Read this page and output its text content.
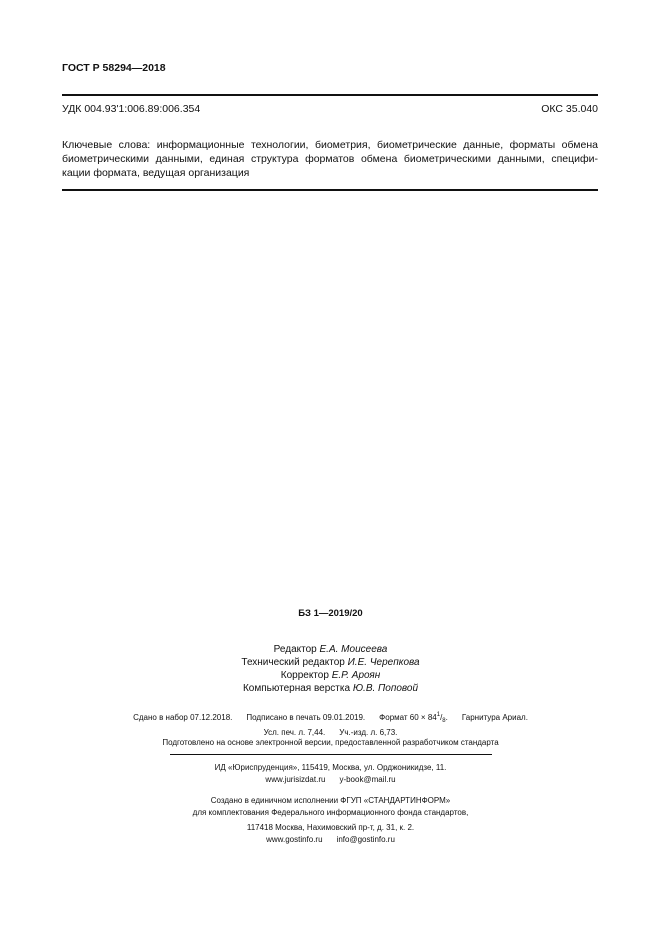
ГОСТ Р 58294—2018
УДК 004.93'1:006.89:006.354	ОКС 35.040
Ключевые слова: информационные технологии, биометрия, биометрические данные, форматы обмена
биометрическими данными, единая структура форматов обмена биометрическими данными, специфи-
кации формата, ведущая организация
БЗ 1—2019/20
Редактор Е.А. Моисеева
Технический редактор И.Е. Черепкова
Корректор Е.Р. Ароян
Компьютерная верстка Ю.В. Поповой
Сдано в набор 07.12.2018. Подписано в печать 09.01.2019. Формат $60 \times 84^1/_8$. Гарнитура Ариал.
Усл. печ. л. 7,44. Уч.-изд. л. 6,73.
Подготовлено на основе электронной версии, предоставленной разработчиком стандарта
ИД «Юриспруденция», 115419, Москва, ул. Орджоникидзе, 11.
www.jurisizdat.ru y-book@mail.ru
Создано в единичном исполнении ФГУП «СТАНДАРТИНФОРМ»
для комплектования Федерального информационного фонда стандартов,
117418 Москва, Нахимовский пр-т, д. 31, к. 2.
www.gostinfo.ru info@gostinfo.ru
